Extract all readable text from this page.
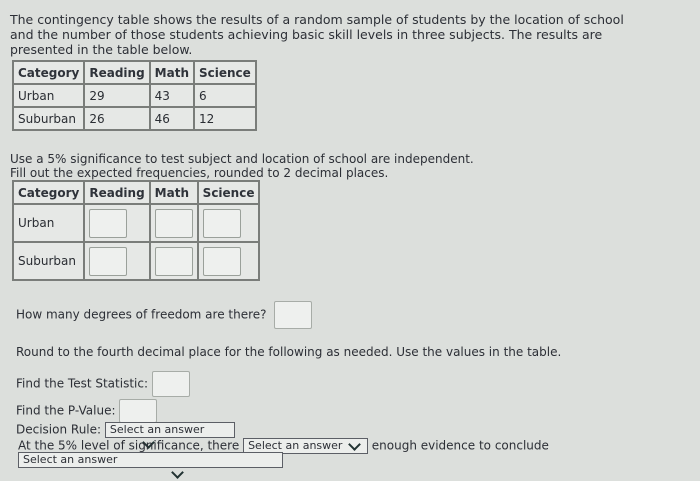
The contingency table shows the results of a random sample of students by the location of school and the number of those students achieving basic skill levels in three subjects. The results are presented in the table below.
Category	Reading	Math	Science
Urban	29	43	6
Suburban	26	46	12
Use a 5% significance to test subject and location of school are independent.
Fill out the expected frequencies, rounded to 2 decimal places.
Category	Reading	Math	Science
Urban			
Suburban			
How many degrees of freedom are there?
Round to the fourth decimal place for the following as needed. Use the values in the table.
Find the Test Statistic:
Find the P-Value:
Decision Rule: Select an answer
At the 5% level of significance, there Select an answer enough evidence to conclude
Select an answer
